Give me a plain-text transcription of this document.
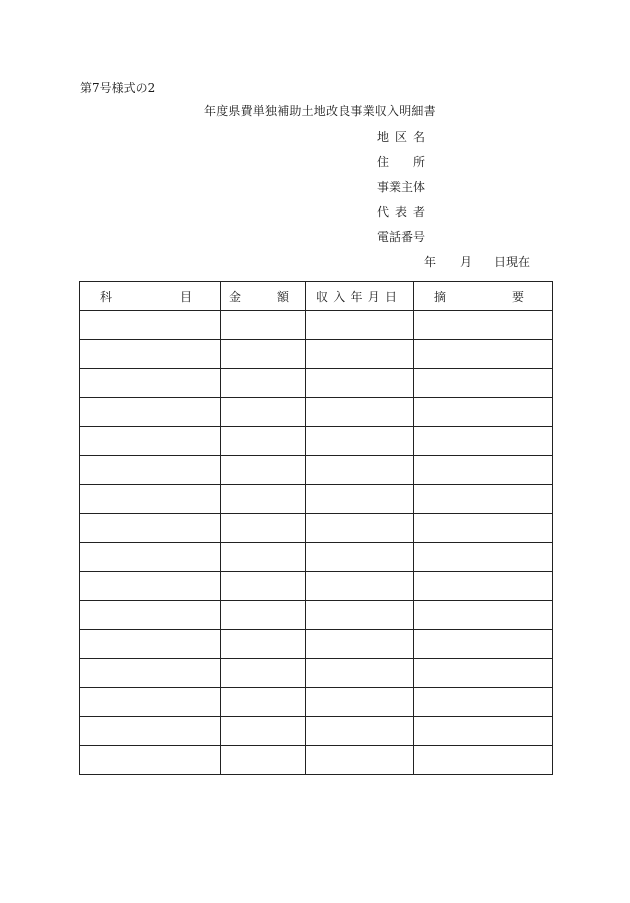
第7号様式の2
年度県費単独補助土地改良事業収入明細書
地区名
住所
事業主体
代表者
電話番号
年 月 日現在
科目	金額	収入年月日	摘要
